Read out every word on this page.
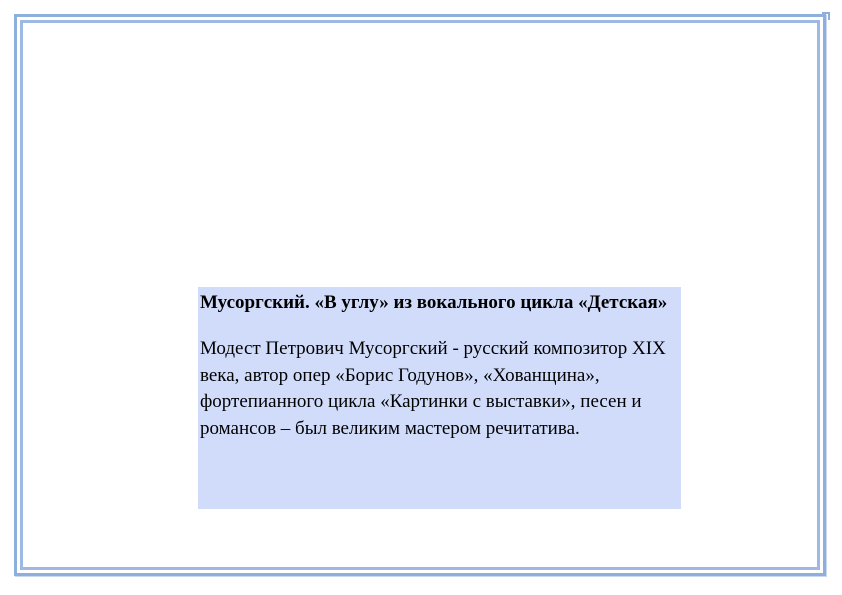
Мусоргский. «В углу» из вокального цикла «Детская»

Модест Петрович Мусоргский - русский композитор XIX века, автор опер «Борис Годунов», «Хованщина», фортепианного цикла «Картинки с выставки», песен и романсов – был великим мастером речитатива.
